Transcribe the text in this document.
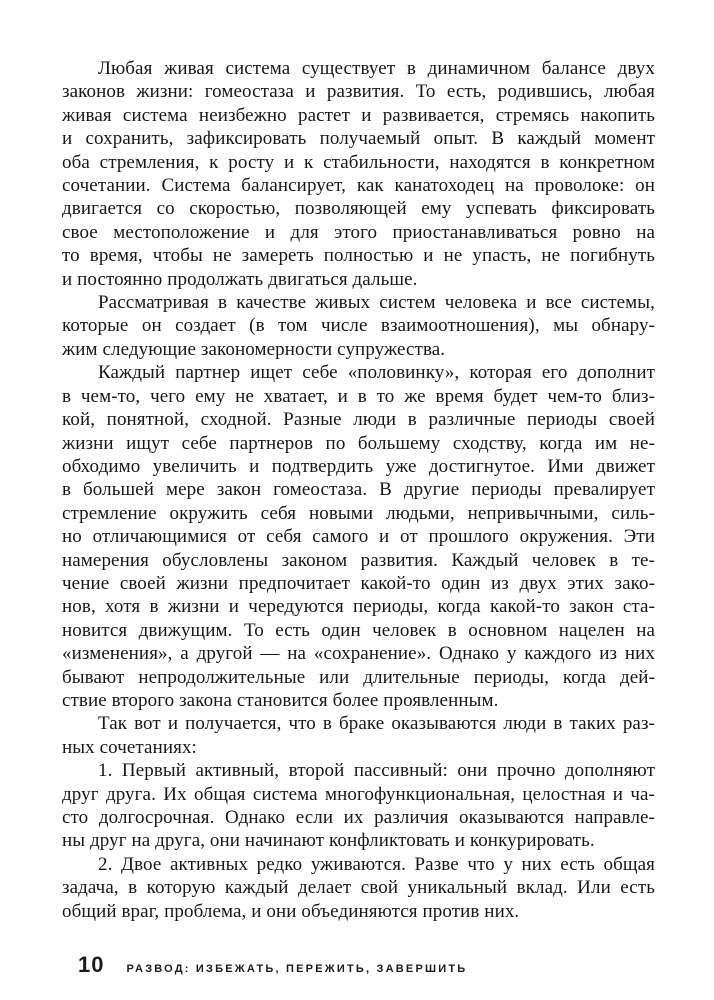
Любая живая система существует в динамичном балансе двух
законов жизни: гомеостаза и развития. То есть, родившись, любая
живая система неизбежно растет и развивается, стремясь накопить
и сохранить, зафиксировать получаемый опыт. В каждый момент
оба стремления, к росту и к стабильности, находятся в конкретном
сочетании. Система балансирует, как канатоходец на проволоке: он
двигается со скоростью, позволяющей ему успевать фиксировать
свое местоположение и для этого приостанавливаться ровно на
то время, чтобы не замереть полностью и не упасть, не погибнуть
и постоянно продолжать двигаться дальше.
Рассматривая в качестве живых систем человека и все системы,
которые он создает (в том числе взаимоотношения), мы обнару-
жим следующие закономерности супружества.
Каждый партнер ищет себе «половинку», которая его дополнит
в чем-то, чего ему не хватает, и в то же время будет чем-то близ-
кой, понятной, сходной. Разные люди в различные периоды своей
жизни ищут себе партнеров по большему сходству, когда им не-
обходимо увеличить и подтвердить уже достигнутое. Ими движет
в большей мере закон гомеостаза. В другие периоды превалирует
стремление окружить себя новыми людьми, непривычными, силь-
но отличающимися от себя самого и от прошлого окружения. Эти
намерения обусловлены законом развития. Каждый человек в те-
чение своей жизни предпочитает какой-то один из двух этих зако-
нов, хотя в жизни и чередуются периоды, когда какой-то закон ста-
новится движущим. То есть один человек в основном нацелен на
«изменения», а другой — на «сохранение». Однако у каждого из них
бывают непродолжительные или длительные периоды, когда дей-
ствие второго закона становится более проявленным.
Так вот и получается, что в браке оказываются люди в таких раз-
ных сочетаниях:
1. Первый активный, второй пассивный: они прочно дополняют
друг друга. Их общая система многофункциональная, целостная и ча-
сто долгосрочная. Однако если их различия оказываются направле-
ны друг на друга, они начинают конфликтовать и конкурировать.
2. Двое активных редко уживаются. Разве что у них есть общая
задача, в которую каждый делает свой уникальный вклад. Или есть
общий враг, проблема, и они объединяются против них.
10 РАЗВОД: ИЗБЕЖАТЬ, ПЕРЕЖИТЬ, ЗАВЕРШИТЬ
